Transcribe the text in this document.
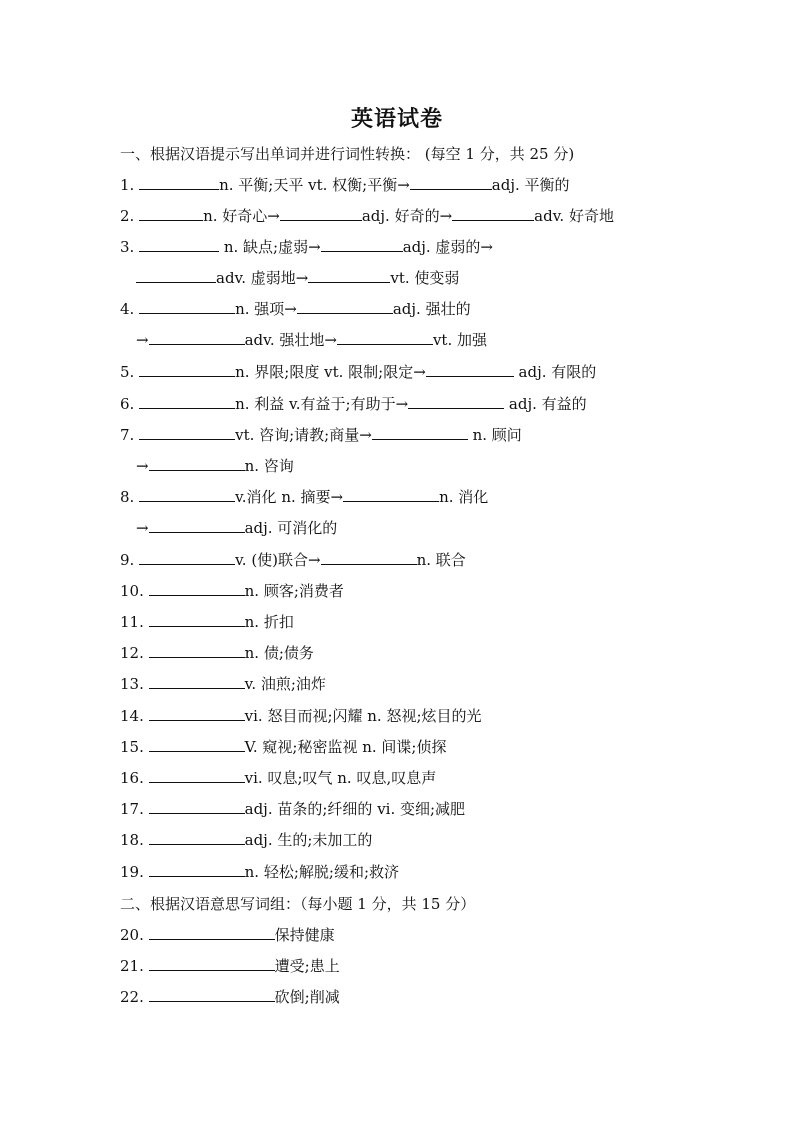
英语试卷
一、根据汉语提示写出单词并进行词性转换： (每空 1 分，共 25 分)
1.	n. 平衡;天平 vt. 权衡;平衡→	adj. 平衡的
2.	n. 好奇心→	adj. 好奇的→	adv. 好奇地
3.	n. 缺点;虚弱→	adj. 虚弱的→
adv. 虚弱地→	vt. 使变弱
4.	n. 强项→	adj. 强壮的
→	adv. 强壮地→	vt. 加强
5.	n. 界限;限度 vt. 限制;限定→	adj. 有限的
6.	n. 利益 v.有益于;有助于→	adj. 有益的
7.	vt. 咨询;请教;商量→	n. 顾问
→	n. 咨询
8.	v.消化 n. 摘要→	n. 消化
→	adj. 可消化的
9.	v. (使)联合→	n. 联合
10.	n. 顾客;消费者
11.	n. 折扣
12.	n. 债;债务
13.	v. 油煎;油炸
14.	vi. 怒目而视;闪耀 n. 怒视;炫目的光
15.	V. 窥视;秘密监视 n. 间谍;侦探
16.	vi. 叹息;叹气 n. 叹息,叹息声
17.	adj. 苗条的;纤细的 vi. 变细;减肥
18.	adj. 生的;未加工的
19.	n. 轻松;解脱;缓和;救济
二、根据汉语意思写词组：（每小题 1 分，共 15 分）
20.	保持健康
21.	遭受;患上
22.	砍倒;削减
